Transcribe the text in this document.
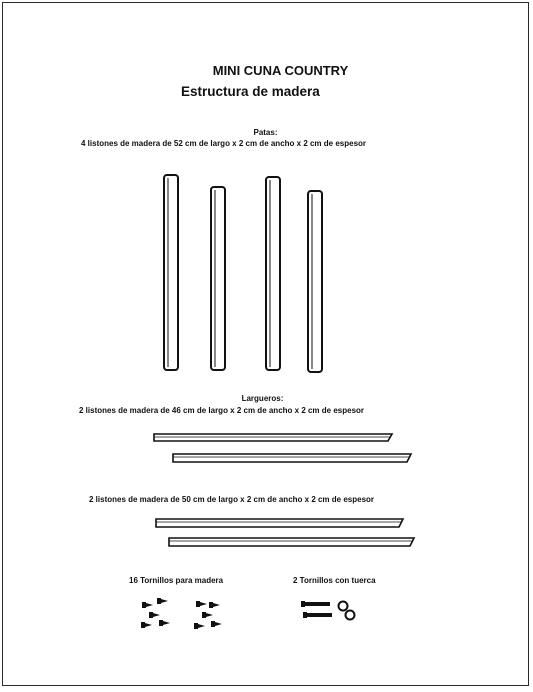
MINI CUNA COUNTRY
Estructura de madera
Patas:
4 listones de madera de 52 cm de largo x 2 cm de ancho x 2 cm de espesor
Largueros:
2 listones de madera de 46 cm de largo x 2 cm de ancho x 2 cm de espesor
2 listones de madera de 50 cm de largo x 2 cm de ancho x 2 cm de espesor
16 Tornillos para madera	2 Tornillos con tuerca
